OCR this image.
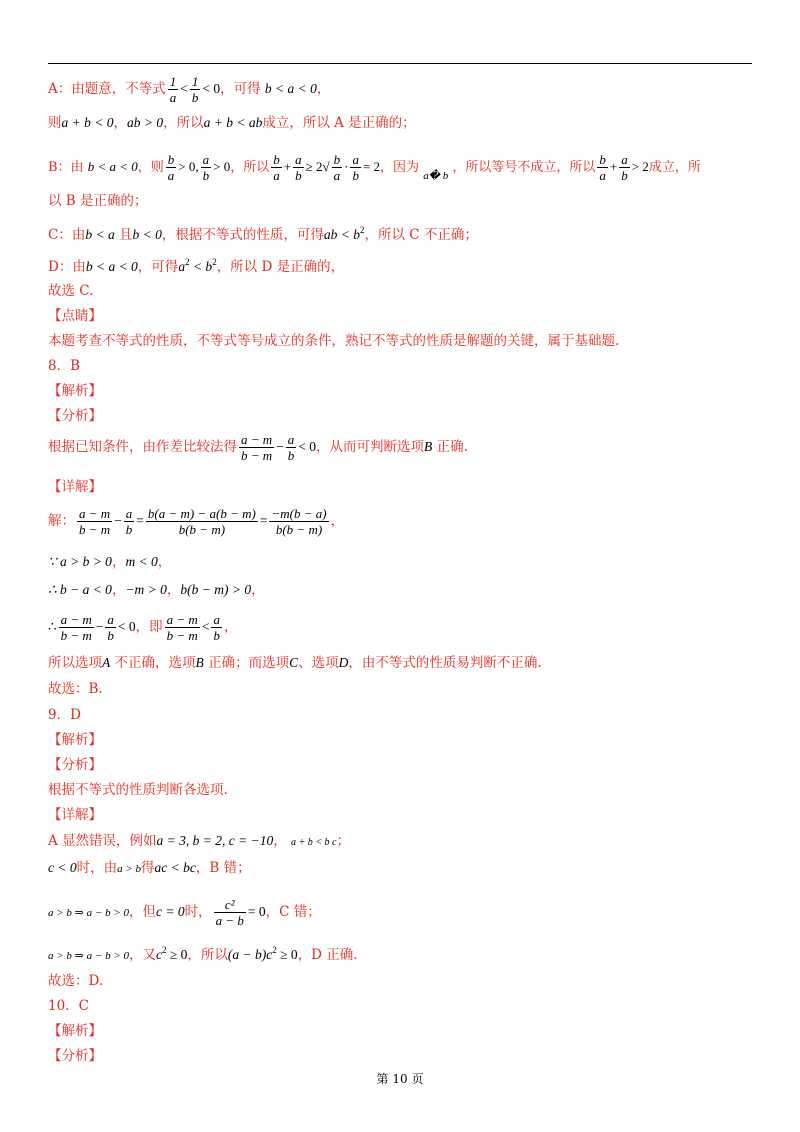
A：由题意，不等式 $\frac{1}{a} < \frac{1}{b} < 0$，可得 b < a < 0，
则a + b < 0，ab > 0，所以a + b < ab成立，所以 A 是正确的；
B：由 b < a < 0，则 $\frac{b}{a} > 0$, $\frac{a}{b} > 0$，所以 $\frac{b}{a} + \frac{a}{b} \ge 2√ \frac{b}{a} \cdot \frac{a}{b} = 2$，因为 $_{a� b}$ ，所以等号不成立，所以 $\frac{b}{a} + \frac{a}{b} > 2$成立，所
以 B 是正确的；
C：由b < a 且b < 0，根据不等式的性质，可得ab < $b^2$，所以 C 不正确；
D：由b < a < 0，可得$a^2 < b^2$，所以 D 是正确的，
故选 C.
【点睛】
本题考查不等式的性质，不等式等号成立的条件，熟记不等式的性质是解题的关键，属于基础题.
8．B
【解析】
【分析】
根据已知条件，由作差比较法得 $\frac{a - m}{b - m} - \frac{a}{b} < 0$，从而可判断选项B 正确.
【详解】
解： $\frac{a - m}{b - m} - \frac{a}{b} = \frac{b(a - m) - a(b - m)}{b(b - m)} = \frac{-m(b - a)}{b(b - m)}$ ，
∵ a > b > 0，m < 0，
∴ b − a < 0，−m > 0，b(b − m) > 0，
∴ $\frac{a - m}{b - m} - \frac{a}{b} < 0$，即 $\frac{a - m}{b - m} < \frac{a}{b}$ ，
所以选项A 不正确，选项B 正确；而选项C、选项D，由不等式的性质易判断不正确.
故选：B.
9．D
【解析】
【分析】
根据不等式的性质判断各选项.
【详解】
A 显然错误，例如a = 3, b = 2, c = −10， a + b < b c；
c < 0时，由a > b得ac < bc，B 错；
a > b ⇒ a − b > 0，但c = 0时， $\frac{\text{c²}}{a - b} = 0$，C 错；
a > b ⇒ a − b > 0，又$c^2 \ge 0$，所以$(a - b)c^2 \ge 0$，D 正确.
故选：D.
10．C
【解析】
【分析】
第 10 页
